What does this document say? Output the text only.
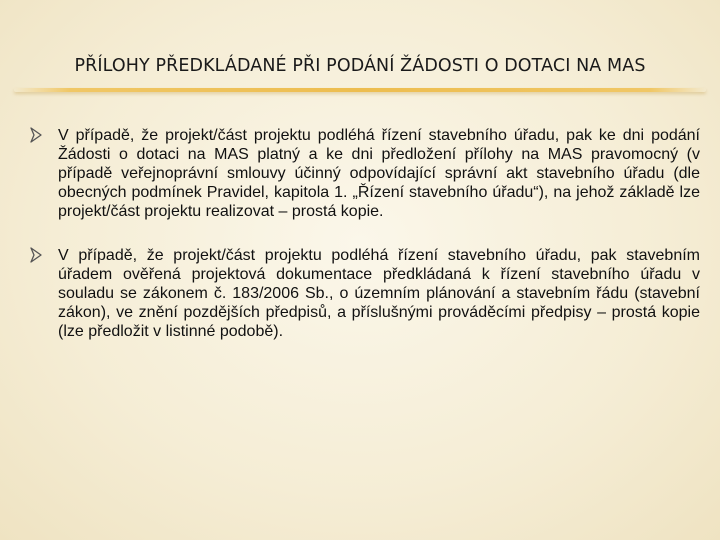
PŘÍLOHY PŘEDKLÁDANÉ PŘI PODÁNÍ ŽÁDOSTI O DOTACI NA MAS
V případě, že projekt/část projektu podléhá řízení stavebního úřadu, pak ke dni podání Žádosti o dotaci na MAS platný a ke dni předložení přílohy na MAS pravomocný (v případě veřejnoprávní smlouvy účinný odpovídající správní akt stavebního úřadu (dle obecných podmínek Pravidel, kapitola 1. „Řízení stavebního úřadu“), na jehož základě lze projekt/část projektu realizovat – prostá kopie.
V případě, že projekt/část projektu podléhá řízení stavebního úřadu, pak stavebním úřadem ověřená projektová dokumentace předkládaná k řízení stavebního úřadu v souladu se zákonem č. 183/2006 Sb., o územním plánování a stavebním řádu (stavební zákon), ve znění pozdějších předpisů, a příslušnými prováděcími předpisy – prostá kopie (lze předložit v listinné podobě).
